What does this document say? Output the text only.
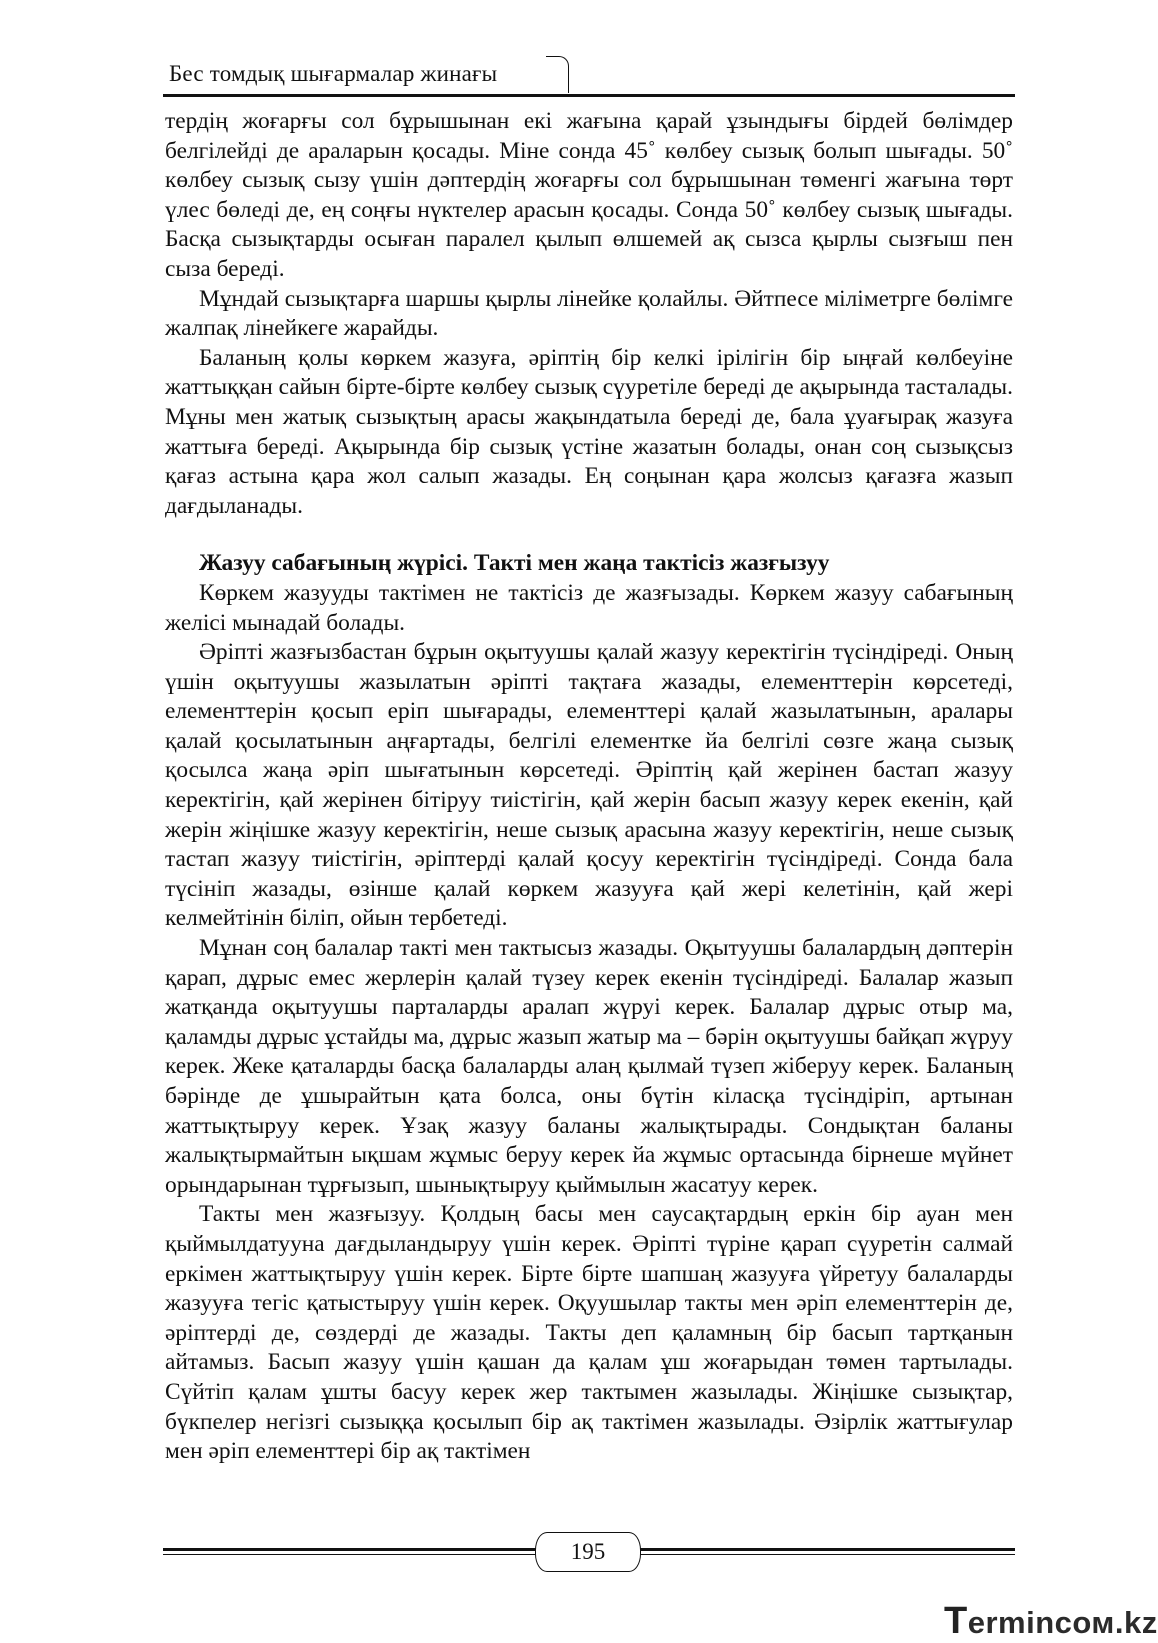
Бес томдық шығармалар жинағы

тердің жоғарғы сол бұрышынан екі жағына қарай ұзындығы бірдей бөлімдер белгілейді де араларын қосады. Міне сонда 45˚ көлбеу сызық болып шығады. 50˚ көлбеу сызық сызу үшін дәптердің жоғарғы сол бұрышынан төменгі жағына төрт үлес бөледі де, ең соңғы нүктелер арасын қосады. Сонда 50˚ көлбеу сызық шығады. Басқа сызықтарды осыған паралел қылып өлшемей ақ сызса қырлы сызғыш пен сыза береді.

Мұндай сызықтарға шаршы қырлы лінейке қолайлы. Әйтпесе міліметрге бөлімге жалпақ лінейкеге жарайды.

Баланың қолы көркем жазуға, әріптің бір келкі ірілігін бір ыңғай көлбеуіне жаттыққан сайын бірте-бірте көлбеу сызық сүуретіле береді де ақырында тасталады. Мұны мен жатық сызықтың арасы жақындатыла береді де, бала ұуағырақ жазуға жаттыға береді. Ақырында бір сызық үстіне жазатын болады, онан соң сызықсыз қағаз астына қара жол салып жазады. Ең соңынан қара жолсыз қағазға жазып дағдыланады.

Жазуу сабағының жүрісі. Такті мен жаңа тактісіз жазғызуу

Көркем жазууды тактімен не тактісіз де жазғызады. Көркем жазуу сабағының желісі мынадай болады.

Әріпті жазғызбастан бұрын оқытуушы қалай жазуу керектігін түсіндіреді. Оның үшін оқытуушы жазылатын әріпті тақтаға жазады, елементтерін көрсетеді, елементтерін қосып еріп шығарады, елементтері қалай жазылатынын, аралары қалай қосылатынын аңғартады, белгілі елементке йа белгілі сөзге жаңа сызық қосылса жаңа әріп шығатынын көрсетеді. Әріптің қай жерінен бастап жазуу керектігін, қай жерінен бітіруу тиістігін, қай жерін басып жазуу керек екенін, қай жерін жіңішке жазуу керектігін, неше сызық арасына жазуу керектігін, неше сызық тастап жазуу тиістігін, әріптерді қалай қосуу керектігін түсіндіреді. Сонда бала түсініп жазады, өзінше қалай көркем жазууға қай жері келетінін, қай жері келмейтінін біліп, ойын тербетеді.

Мұнан соң балалар такті мен тактысыз жазады. Оқытуушы балалардың дәптерін қарап, дұрыс емес жерлерін қалай түзеу керек екенін түсіндіреді. Балалар жазып жатқанда оқытуушы парталарды аралап жүруі керек. Балалар дұрыс отыр ма, қаламды дұрыс ұстайды ма, дұрыс жазып жатыр ма – бәрін оқытуушы байқап жүруу керек. Жеке қаталарды басқа балаларды алаң қылмай түзеп жіберуу керек. Баланың бәрінде де ұшырайтын қата болса, оны бүтін кіласқа түсіндіріп, артынан жаттықтыруу керек. Ұзақ жазуу баланы жалықтырады. Сондықтан баланы жалықтырмайтын ықшам жұмыс беруу керек йа жұмыс ортасында бірнеше мүйнет орындарынан тұрғызып, шынықтыруу қыймылын жасатуу керек.

Такты мен жазғызуу. Қолдың басы мен саусақтардың еркін бір ауан мен қыймылдатууна дағдыландыруу үшін керек. Әріпті түріне қарап сүуретін салмай еркімен жаттықтыруу үшін керек. Бірте бірте шапшаң жазууға үйретуу балаларды жазууға тегіс қатыстыруу үшін керек. Оқуушылар такты мен әріп елементтерін де, әріптерді де, сөздерді де жазады. Такты деп қаламның бір басып тартқанын айтамыз. Басып жазуу үшін қашан да қалам ұш жоғарыдан төмен тартылады. Сүйтіп қалам ұшты басуу керек жер тактымен жазылады. Жіңішке сызықтар, бүкпелер негізгі сызыққа қосылып бір ақ тактімен жазылады. Әзірлік жаттығулар мен әріп елементтері бір ақ тактімен

195
Termincом.kz
